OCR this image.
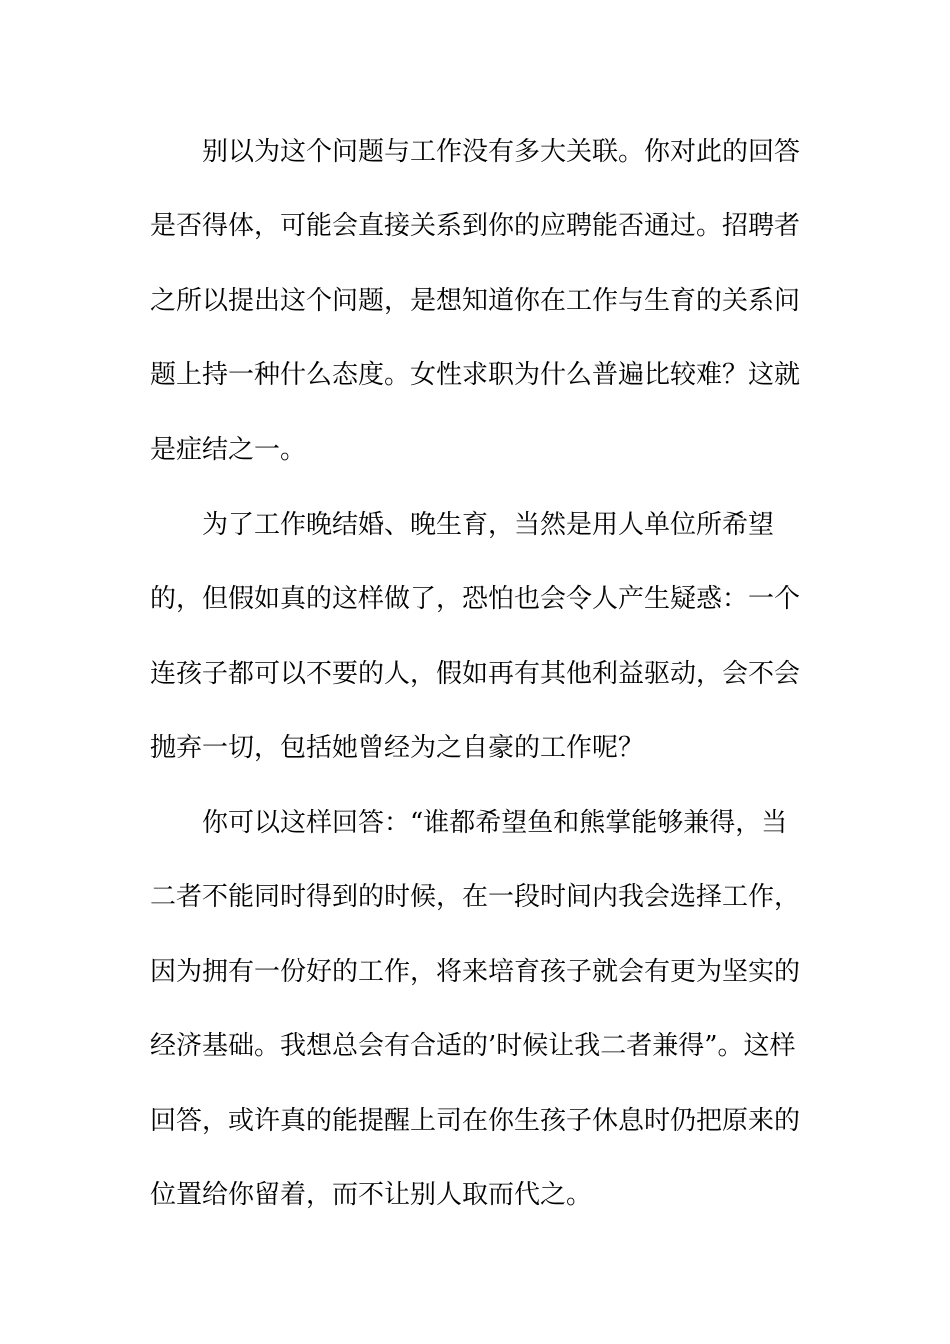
别以为这个问题与工作没有多大关联。你对此的回答

是否得体，可能会直接关系到你的应聘能否通过。招聘者

之所以提出这个问题，是想知道你在工作与生育的关系问

题上持一种什么态度。女性求职为什么普遍比较难？这就

是症结之一。

为了工作晚结婚、晚生育，当然是用人单位所希望

的，但假如真的这样做了，恐怕也会令人产生疑惑：一个

连孩子都可以不要的人，假如再有其他利益驱动，会不会

抛弃一切，包括她曾经为之自豪的工作呢？

你可以这样回答：“谁都希望鱼和熊掌能够兼得，当

二者不能同时得到的时候，在一段时间内我会选择工作，

因为拥有一份好的工作，将来培育孩子就会有更为坚实的

经济基础。我想总会有合适的’时候让我二者兼得”。这样

回答，或许真的能提醒上司在你生孩子休息时仍把原来的

位置给你留着，而不让别人取而代之。
